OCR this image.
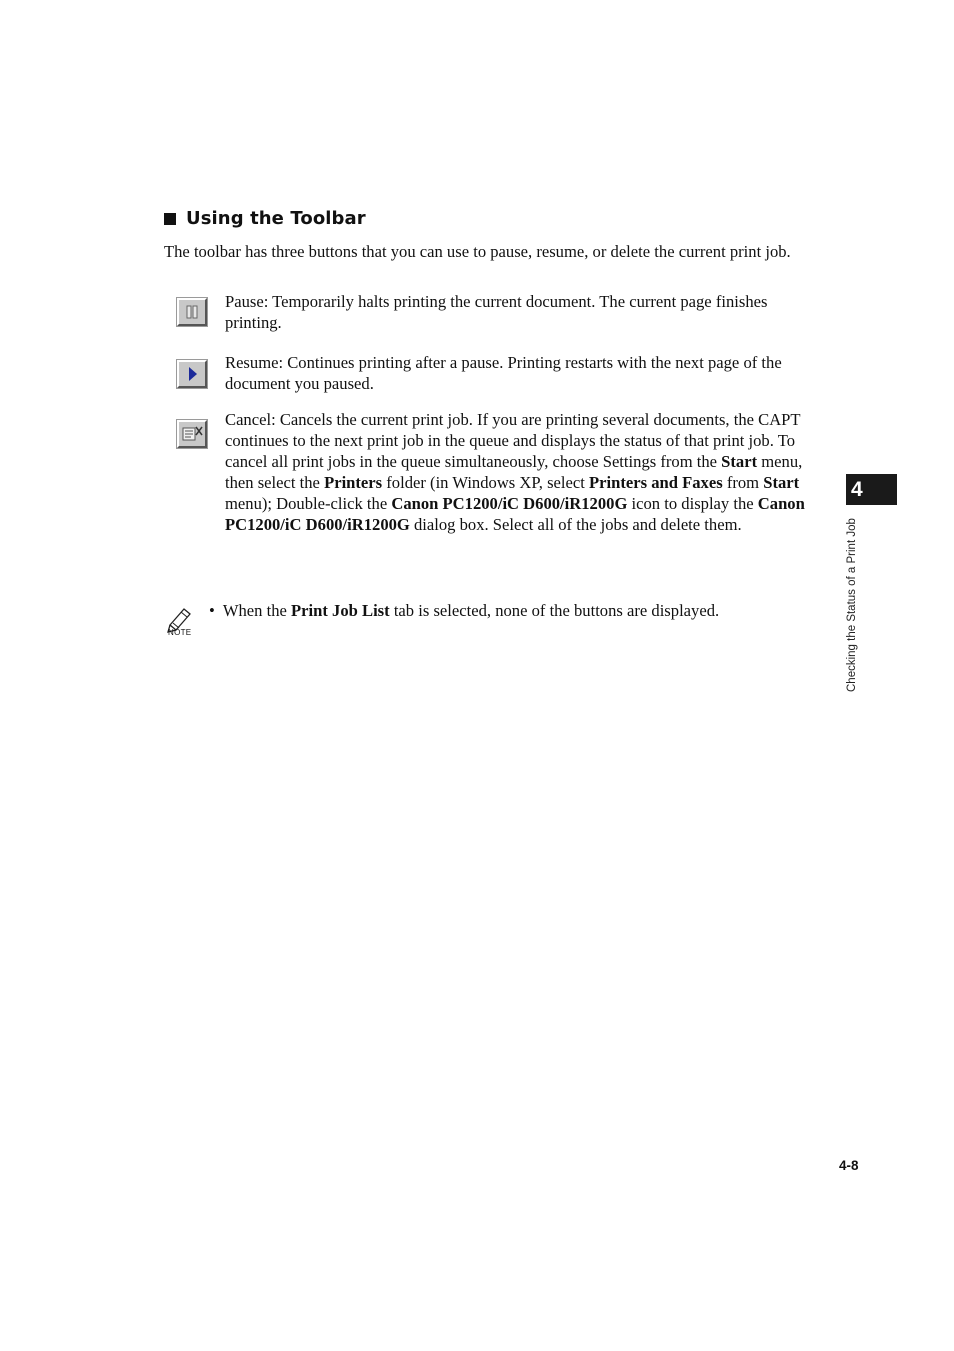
Using the Toolbar
The toolbar has three buttons that you can use to pause, resume, or delete the current print job.
Pause: Temporarily halts printing the current document. The current page finishes printing.
Resume: Continues printing after a pause. Printing restarts with the next page of the document you paused.
Cancel: Cancels the current print job. If you are printing several documents, the CAPT continues to the next print job in the queue and displays the status of that print job. To cancel all print jobs in the queue simultaneously, choose Settings from the Start menu, then select the Printers folder (in Windows XP, select Printers and Faxes from Start menu); Double-click the Canon PC1200/iC D600/iR1200G icon to display the Canon PC1200/iC D600/iR1200G dialog box. Select all of the jobs and delete them.
NOTE
• When the Print Job List tab is selected, none of the buttons are displayed.
4
Checking the Status of a Print Job
4-8
